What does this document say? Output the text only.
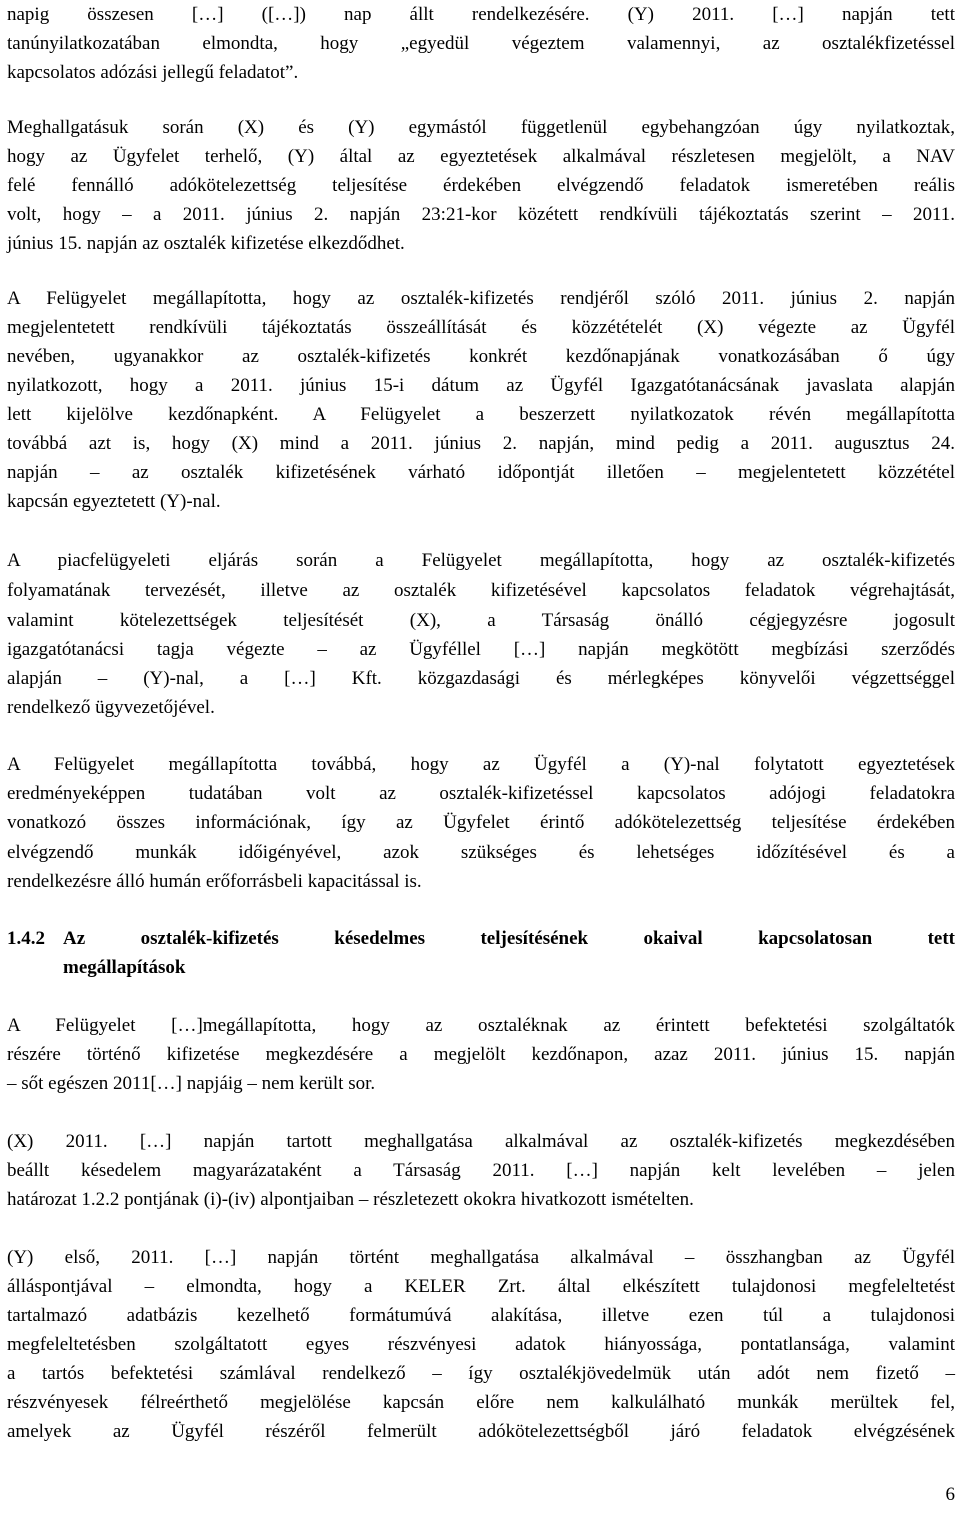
napig összesen […] ([…]) nap állt rendelkezésére. (Y) 2011. […] napján tett
tanúnyilatkozatában elmondta, hogy „egyedül végeztem valamennyi, az osztalékfizetéssel
kapcsolatos adózási jellegű feladatot”.
Meghallgatásuk során (X) és (Y) egymástól függetlenül egybehangzóan úgy nyilatkoztak,
hogy az Ügyfelet terhelő, (Y) által az egyeztetések alkalmával részletesen megjelölt, a NAV
felé fennálló adókötelezettség teljesítése érdekében elvégzendő feladatok ismeretében reális
volt, hogy – a 2011. június 2. napján 23:21-kor közétett rendkívüli tájékoztatás szerint – 2011.
június 15. napján az osztalék kifizetése elkezdődhet.
A Felügyelet megállapította, hogy az osztalék-kifizetés rendjéről szóló 2011. június 2. napján
megjelentetett rendkívüli tájékoztatás összeállítását és közzétételét (X) végezte az Ügyfél
nevében, ugyanakkor az osztalék-kifizetés konkrét kezdőnapjának vonatkozásában ő úgy
nyilatkozott, hogy a 2011. június 15-i dátum az Ügyfél Igazgatótanácsának javaslata alapján
lett kijelölve kezdőnapként. A Felügyelet a beszerzett nyilatkozatok révén megállapította
továbbá azt is, hogy (X) mind a 2011. június 2. napján, mind pedig a 2011. augusztus 24.
napján – az osztalék kifizetésének várható időpontját illetően – megjelentetett közzététel
kapcsán egyeztetett (Y)-nal.
A piacfelügyeleti eljárás során a Felügyelet megállapította, hogy az osztalék-kifizetés
folyamatának tervezését, illetve az osztalék kifizetésével kapcsolatos feladatok végrehajtását,
valamint kötelezettségek teljesítését (X), a Társaság önálló cégjegyzésre jogosult
igazgatótanácsi tagja végezte – az Ügyféllel […] napján megkötött megbízási szerződés
alapján – (Y)-nal, a […] Kft. közgazdasági és mérlegképes könyvelői végzettséggel
rendelkező ügyvezetőjével.
A Felügyelet megállapította továbbá, hogy az Ügyfél a (Y)-nal folytatott egyeztetések
eredményeképpen tudatában volt az osztalék-kifizetéssel kapcsolatos adójogi feladatokra
vonatkozó összes információnak, így az Ügyfelet érintő adókötelezettség teljesítése érdekében
elvégzendő munkák időigényével, azok szükséges és lehetséges időzítésével és a
rendelkezésre álló humán erőforrásbeli kapacitással is.
1.4.2 Az osztalék-kifizetés késedelmes teljesítésének okaival kapcsolatosan tett
megállapítások
A Felügyelet […]megállapította, hogy az osztaléknak az érintett befektetési szolgáltatók
részére történő kifizetése megkezdésére a megjelölt kezdőnapon, azaz 2011. június 15. napján
– sőt egészen 2011[…] napjáig – nem került sor.
(X) 2011. […] napján tartott meghallgatása alkalmával az osztalék-kifizetés megkezdésében
beállt késedelem magyarázataként a Társaság 2011. […] napján kelt levelében – jelen
határozat 1.2.2 pontjának (i)-(iv) alpontjaiban – részletezett okokra hivatkozott ismételten.
(Y) első, 2011. […] napján történt meghallgatása alkalmával – összhangban az Ügyfél
álláspontjával – elmondta, hogy a KELER Zrt. által elkészített tulajdonosi megfeleltetést
tartalmazó adatbázis kezelhető formátumúvá alakítása, illetve ezen túl a tulajdonosi
megfeleltetésben szolgáltatott egyes részvényesi adatok hiányossága, pontatlansága, valamint
a tartós befektetési számlával rendelkező – így osztalékjövedelmük után adót nem fizető –
részvényesek félreérthető megjelölése kapcsán előre nem kalkulálható munkák merültek fel,
amelyek az Ügyfél részéről felmerült adókötelezettségből járó feladatok elvégzésének
6
